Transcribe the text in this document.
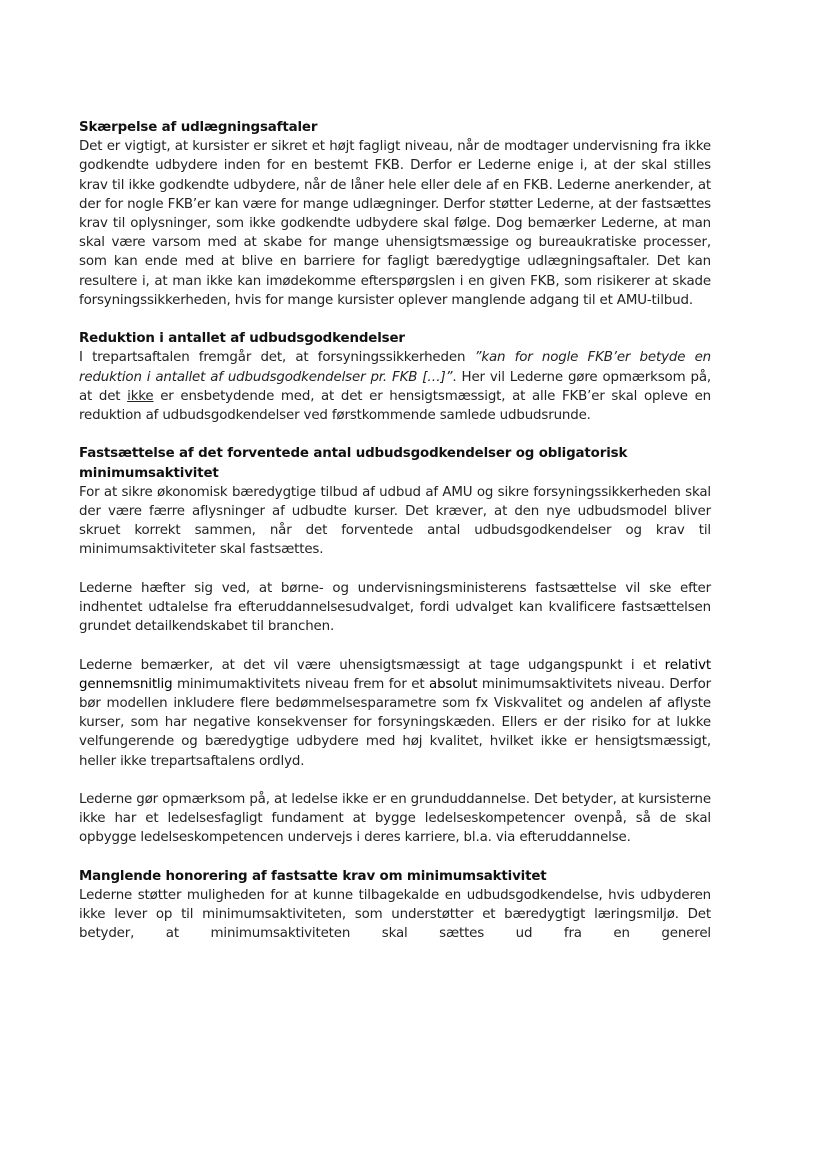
Skærpelse af udlægningsaftaler

Det er vigtigt, at kursister er sikret et højt fagligt niveau, når de modtager undervisning fra ikke godkendte udbydere inden for en bestemt FKB. Derfor er Lederne enige i, at der skal stilles krav til ikke godkendte udbydere, når de låner hele eller dele af en FKB. Lederne anerkender, at der for nogle FKB’er kan være for mange udlægninger. Derfor støtter Lederne, at der fastsættes krav til oplysninger, som ikke godkendte udbydere skal følge. Dog bemærker Lederne, at man skal være varsom med at skabe for mange uhensigtsmæssige og bureaukratiske processer, som kan ende med at blive en barriere for fagligt bæredygtige udlægningsaftaler. Det kan resultere i, at man ikke kan imødekomme efterspørgslen i en given FKB, som risikerer at skade forsyningssikkerheden, hvis for mange kursister oplever manglende adgang til et AMU-tilbud.

Reduktion i antallet af udbudsgodkendelser

I trepartsaftalen fremgår det, at forsyningssikkerheden ”kan for nogle FKB’er betyde en reduktion i antallet af udbudsgodkendelser pr. FKB […]”. Her vil Lederne gøre opmærksom på, at det ikke er ensbetydende med, at det er hensigtsmæssigt, at alle FKB’er skal opleve en reduktion af udbudsgodkendelser ved førstkommende samlede udbudsrunde.

Fastsættelse af det forventede antal udbudsgodkendelser og obligatorisk minimumsaktivitet

For at sikre økonomisk bæredygtige tilbud af udbud af AMU og sikre forsyningssikkerheden skal der være færre aflysninger af udbudte kurser. Det kræver, at den nye udbudsmodel bliver skruet korrekt sammen, når det forventede antal udbudsgodkendelser og krav til minimumsaktiviteter skal fastsættes.

Lederne hæfter sig ved, at børne- og undervisningsministerens fastsættelse vil ske efter indhentet udtalelse fra efteruddannelsesudvalget, fordi udvalget kan kvalificere fastsættelsen grundet detailkendskabet til branchen.

Lederne bemærker, at det vil være uhensigtsmæssigt at tage udgangspunkt i et relativt gennemsnitlig minimumaktivitets niveau frem for et absolut minimumsaktivitets niveau. Derfor bør modellen inkludere flere bedømmelsesparametre som fx Viskvalitet og andelen af aflyste kurser, som har negative konsekvenser for forsyningskæden. Ellers er der risiko for at lukke velfungerende og bæredygtige udbydere med høj kvalitet, hvilket ikke er hensigtsmæssigt, heller ikke trepartsaftalens ordlyd.

Lederne gør opmærksom på, at ledelse ikke er en grunduddannelse. Det betyder, at kursisterne ikke har et ledelsesfagligt fundament at bygge ledelseskompetencer ovenpå, så de skal opbygge ledelseskompetencen undervejs i deres karriere, bl.a. via efteruddannelse.

Manglende honorering af fastsatte krav om minimumsaktivitet

Lederne støtter muligheden for at kunne tilbagekalde en udbudsgodkendelse, hvis udbyderen ikke lever op til minimumsaktiviteten, som understøtter et bæredygtigt læringsmiljø. Det betyder, at minimumsaktiviteten skal sættes ud fra en generel
